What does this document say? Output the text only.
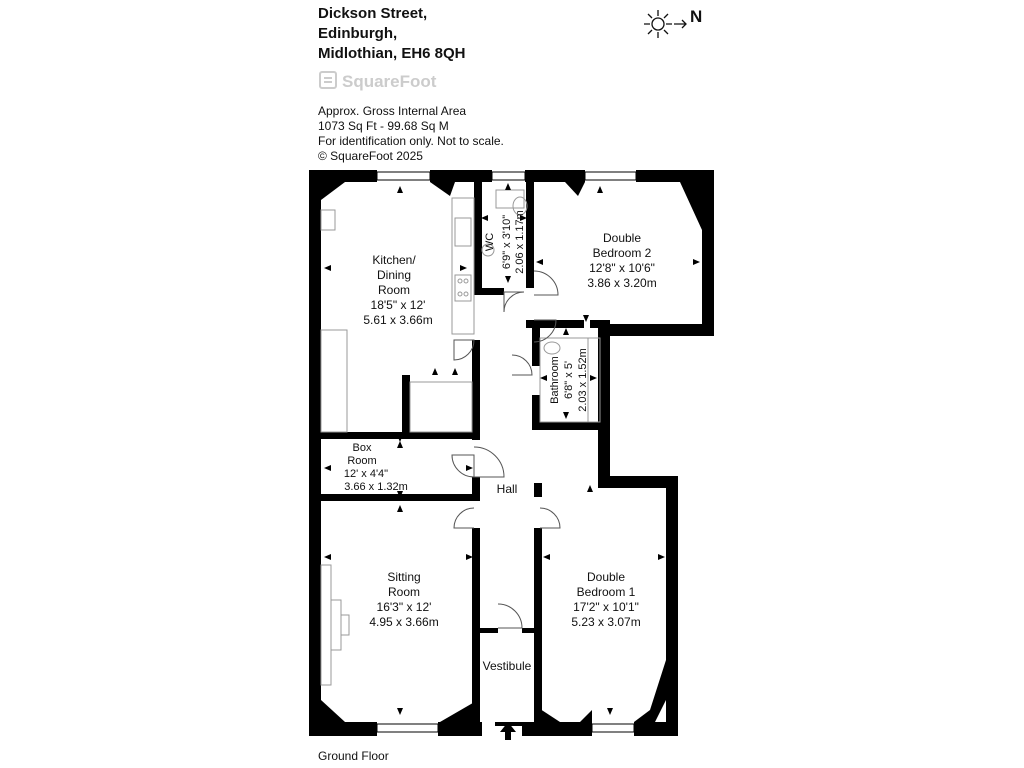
Dickson Street,
Edinburgh,
Midlothian, EH6 8QH
SquareFoot
Approx. Gross Internal Area
1073 Sq Ft - 99.68 Sq M
For identification only. Not to scale.
© SquareFoot 2025
N
Kitchen/
Dining
Room
18'5" x 12'
5.61 x 3.66m
WC 6'9" x 3'10" 2.06 x 1.17m	Double
Bedroom 2
12'8" x 10'6"
3.86 x 3.20m
Bathroom 6'8" x 5' 2.03 x 1.52m
Box
Room
12' x 4'4"
3.66 x 1.32m	Hall
Sitting
Room
16'3" x 12'
4.95 x 3.66m
Double
Bedroom 1
17'2" x 10'1"
5.23 x 3.07m
Vestibule
Ground Floor
